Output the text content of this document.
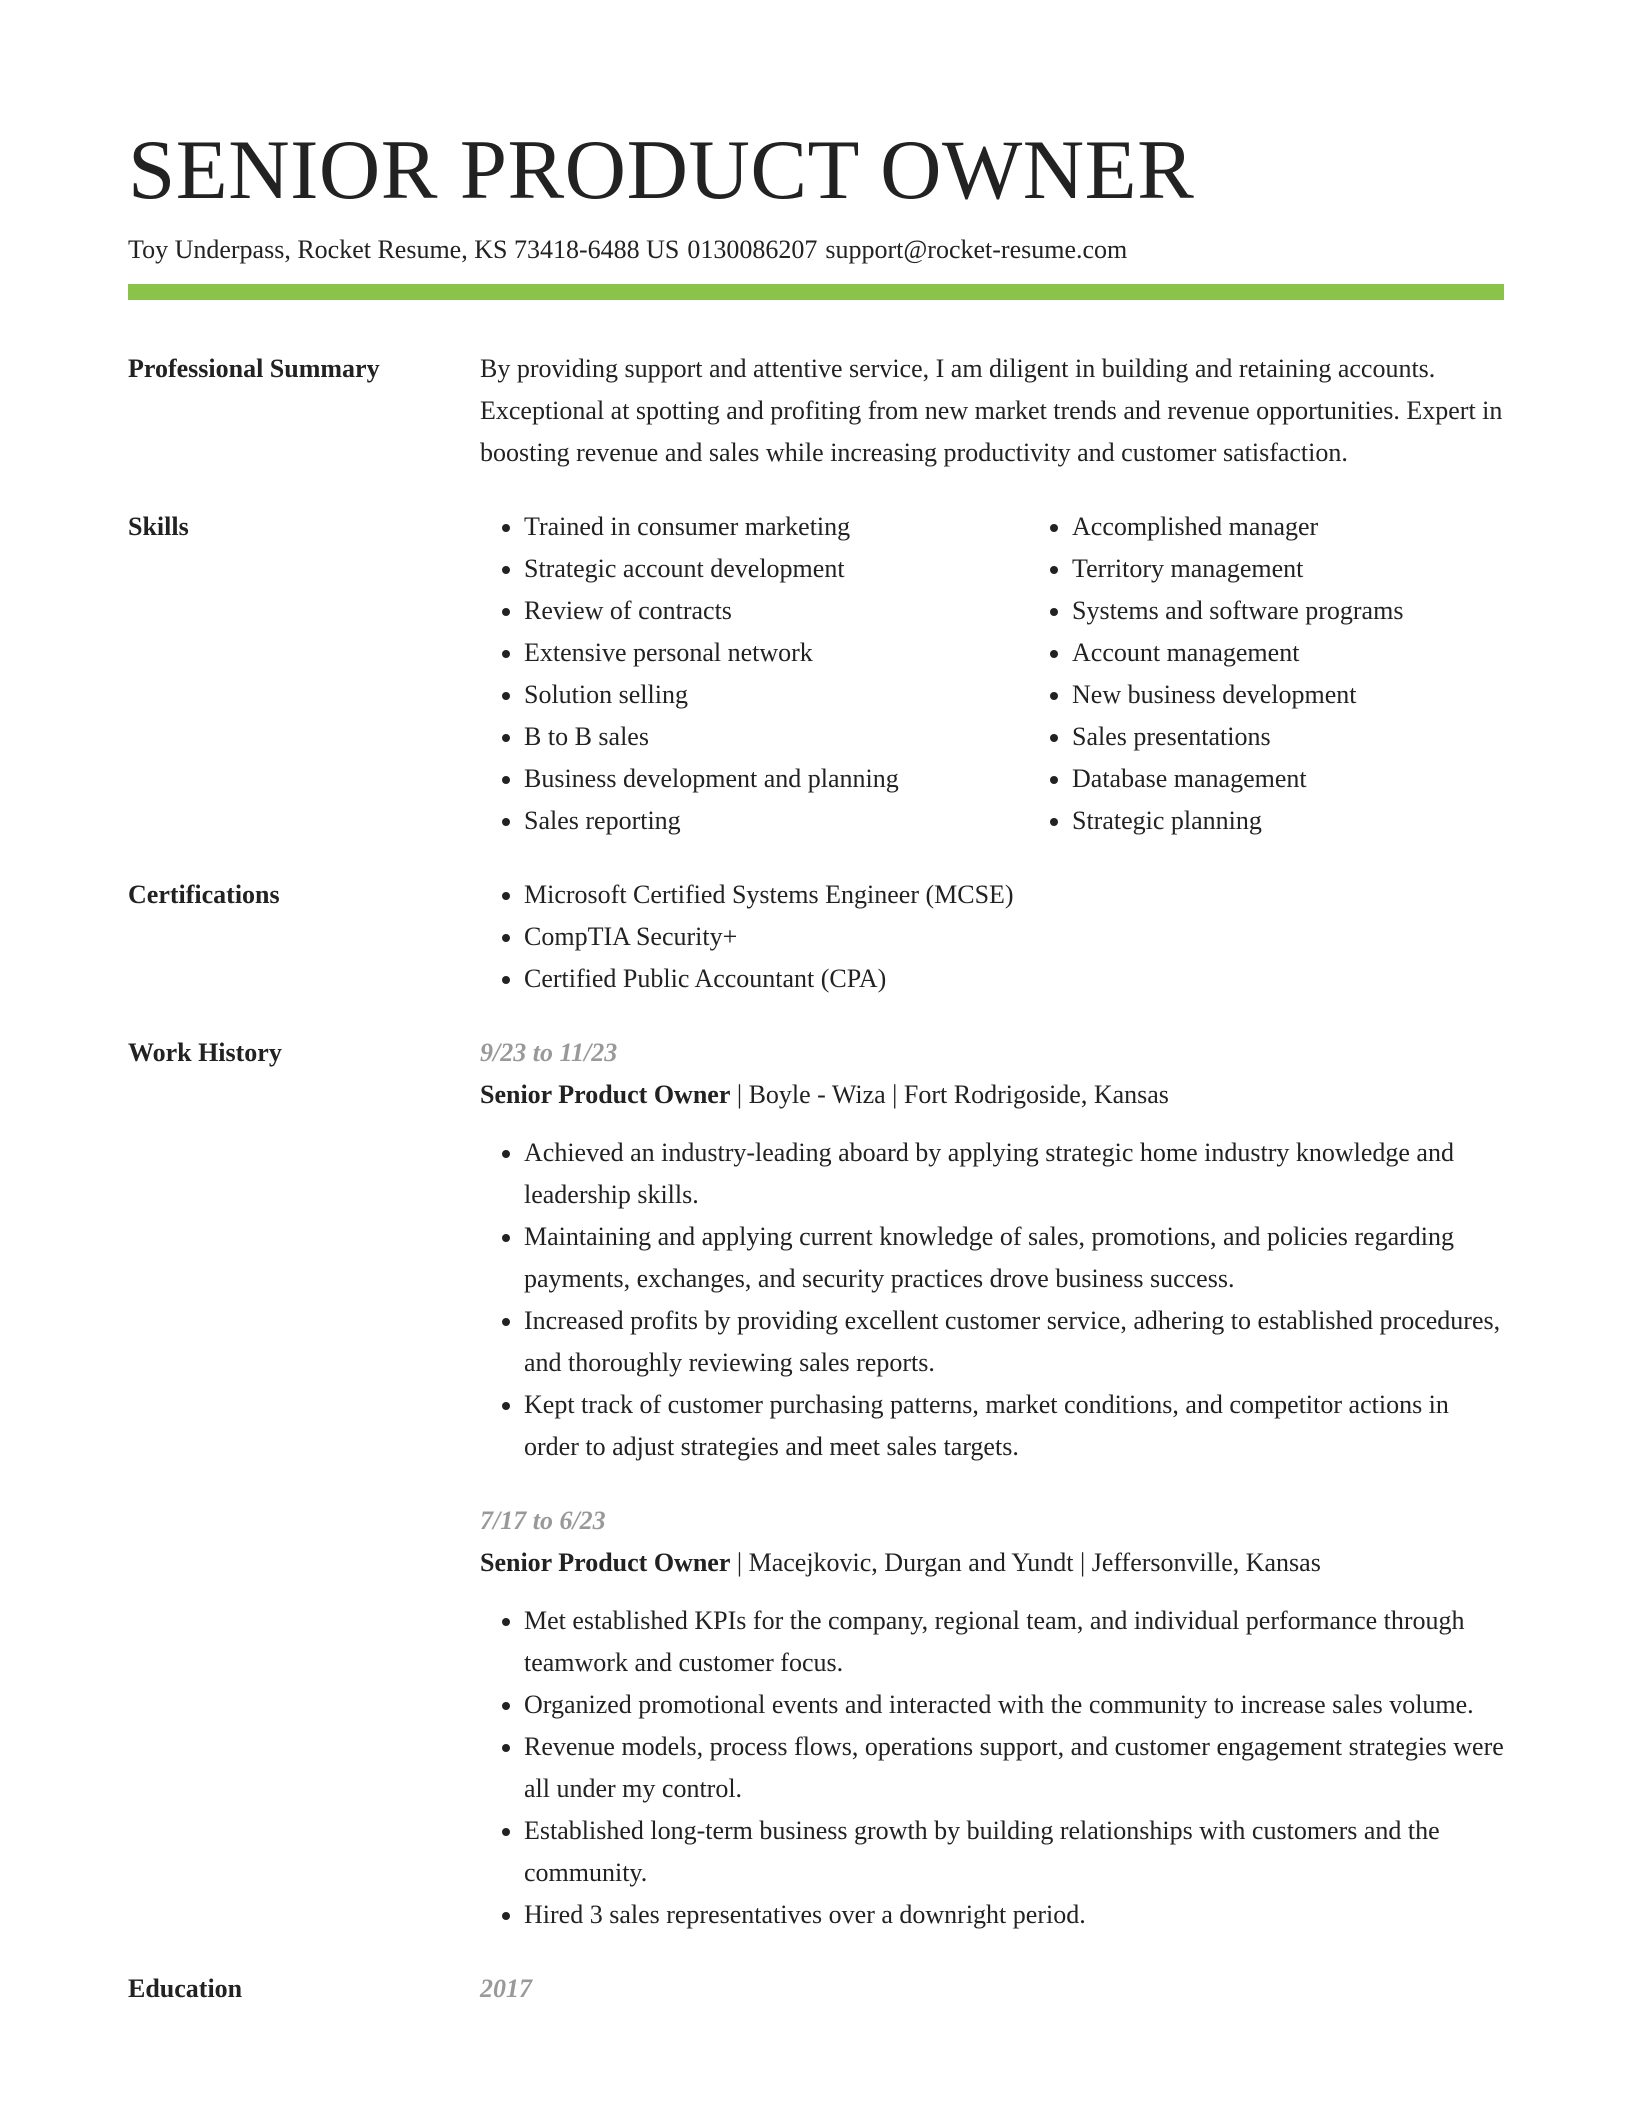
SENIOR PRODUCT OWNER
Toy Underpass, Rocket Resume, KS 73418-6488 US 0130086207 support@rocket-resume.com
Professional Summary	By providing support and attentive service, I am diligent in building and retaining accounts. Exceptional at spotting and profiting from new market trends and revenue opportunities. Expert in boosting revenue and sales while increasing productivity and customer satisfaction.

Skills	• Trained in consumer marketing
• Strategic account development
• Review of contracts
• Extensive personal network
• Solution selling
• B to B sales
• Business development and planning
• Sales reporting
• Accomplished manager
• Territory management
• Systems and software programs
• Account management
• New business development
• Sales presentations
• Database management
• Strategic planning
Certifications	• Microsoft Certified Systems Engineer (MCSE)
• CompTIA Security+
• Certified Public Accountant (CPA)
Work History	9/23 to 11/23
Senior Product Owner | Boyle - Wiza | Fort Rodrigoside, Kansas
• Achieved an industry-leading aboard by applying strategic home industry knowledge and leadership skills.
• Maintaining and applying current knowledge of sales, promotions, and policies regarding payments, exchanges, and security practices drove business success.
• Increased profits by providing excellent customer service, adhering to established procedures, and thoroughly reviewing sales reports.
• Kept track of customer purchasing patterns, market conditions, and competitor actions in order to adjust strategies and meet sales targets.
7/17 to 6/23
Senior Product Owner | Macejkovic, Durgan and Yundt | Jeffersonville, Kansas
• Met established KPIs for the company, regional team, and individual performance through teamwork and customer focus.
• Organized promotional events and interacted with the community to increase sales volume.
• Revenue models, process flows, operations support, and customer engagement strategies were all under my control.
• Established long-term business growth by building relationships with customers and the community.
• Hired 3 sales representatives over a downright period.
Education	2017
